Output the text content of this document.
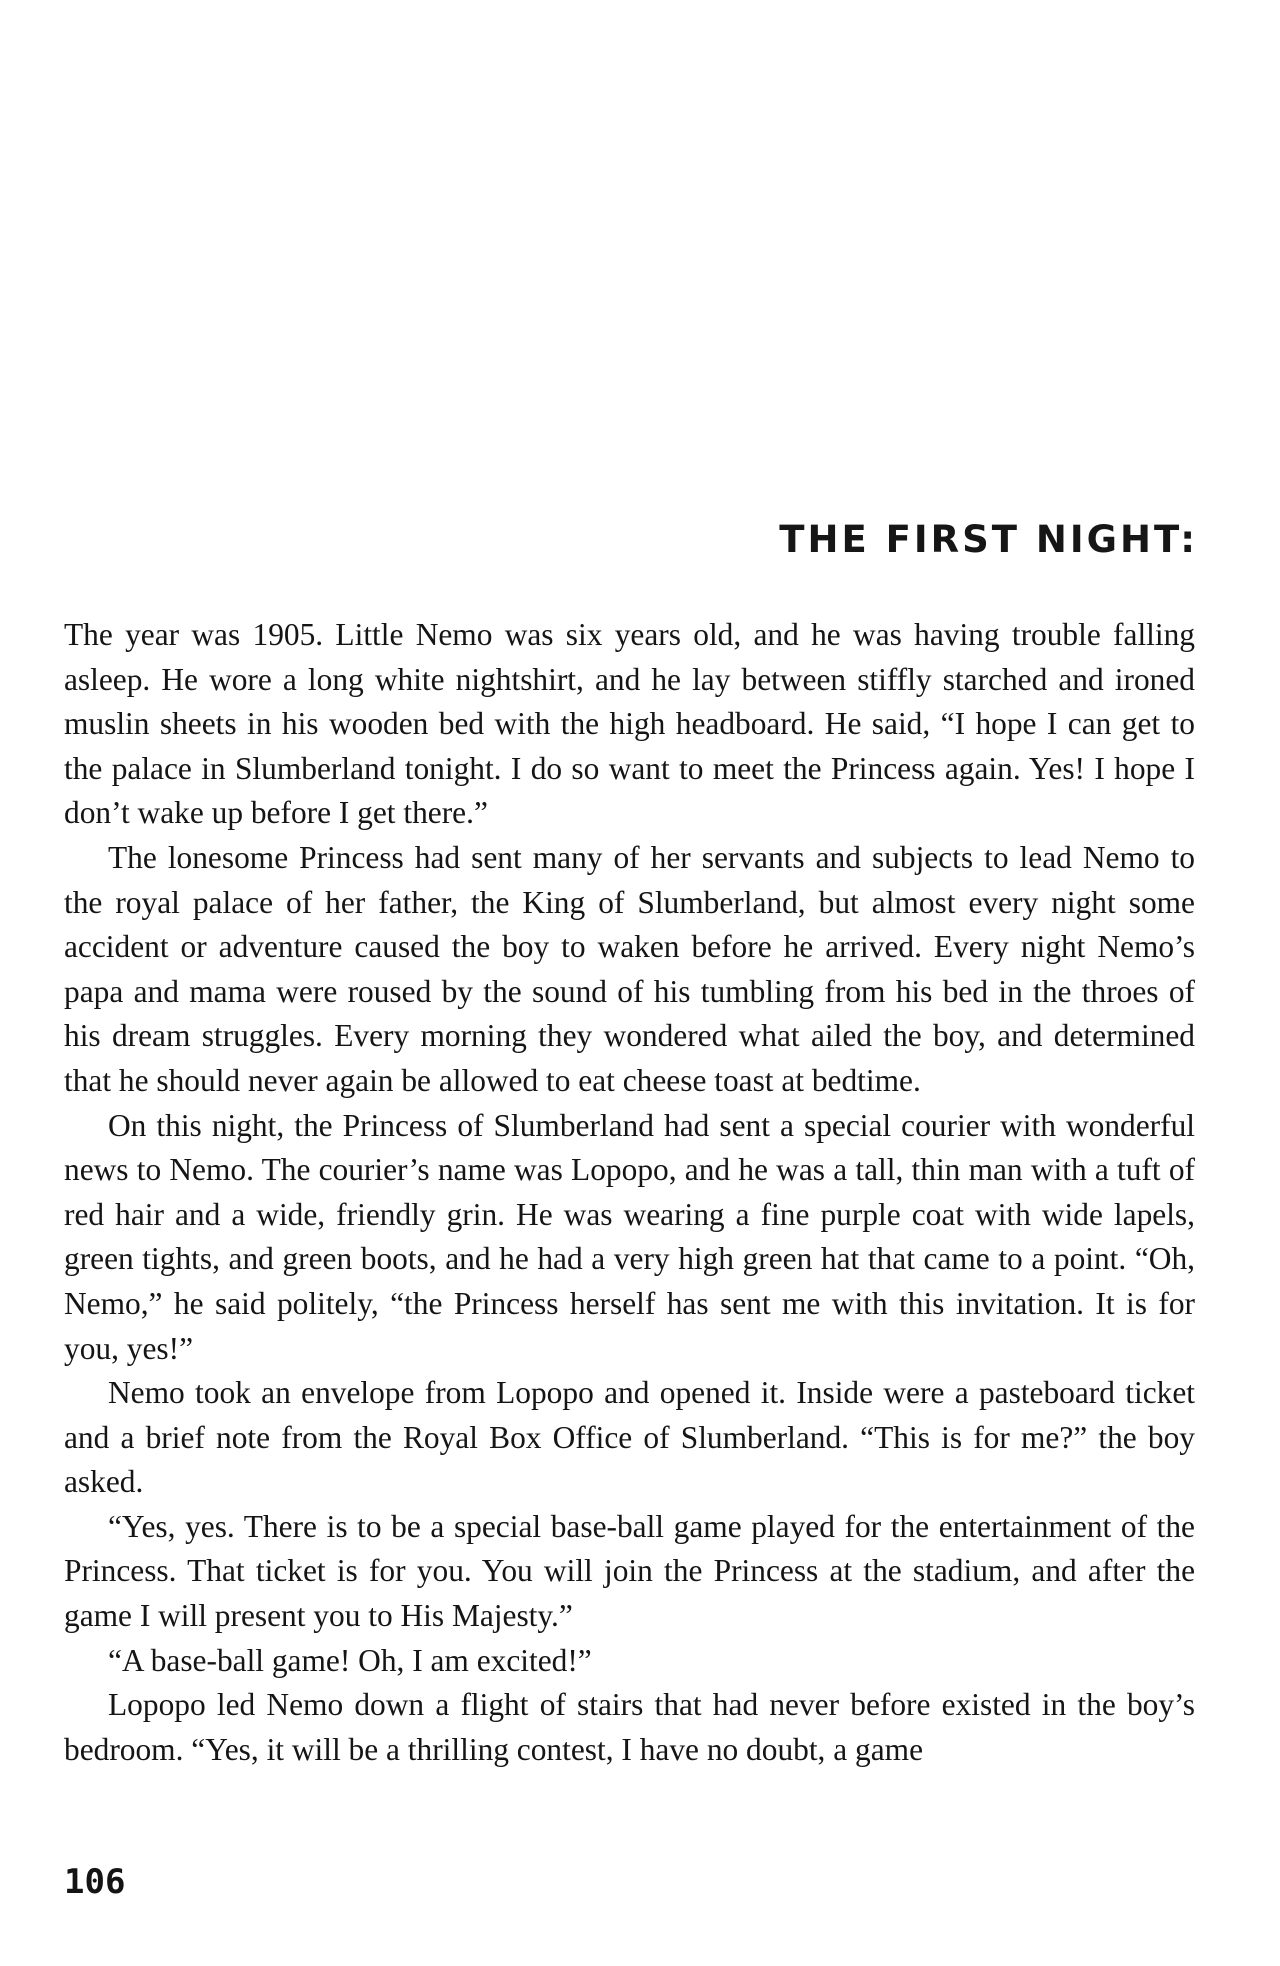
THE FIRST NIGHT:

The year was 1905. Little Nemo was six years old, and he was having trouble falling asleep. He wore a long white nightshirt, and he lay between stiffly starched and ironed muslin sheets in his wooden bed with the high headboard. He said, “I hope I can get to the palace in Slumberland tonight. I do so want to meet the Princess again. Yes! I hope I don’t wake up before I get there.”

The lonesome Princess had sent many of her servants and subjects to lead Nemo to the royal palace of her father, the King of Slumberland, but almost every night some accident or adventure caused the boy to waken before he arrived. Every night Nemo’s papa and mama were roused by the sound of his tumbling from his bed in the throes of his dream struggles. Every morning they wondered what ailed the boy, and determined that he should never again be allowed to eat cheese toast at bedtime.

On this night, the Princess of Slumberland had sent a special courier with wonderful news to Nemo. The courier’s name was Lopopo, and he was a tall, thin man with a tuft of red hair and a wide, friendly grin. He was wearing a fine purple coat with wide lapels, green tights, and green boots, and he had a very high green hat that came to a point. “Oh, Nemo,” he said politely, “the Princess herself has sent me with this invitation. It is for you, yes!”

Nemo took an envelope from Lopopo and opened it. Inside were a pasteboard ticket and a brief note from the Royal Box Office of Slumberland. “This is for me?” the boy asked.

“Yes, yes. There is to be a special base-ball game played for the entertainment of the Princess. That ticket is for you. You will join the Princess at the stadium, and after the game I will present you to His Majesty.”

“A base-ball game! Oh, I am excited!”

Lopopo led Nemo down a flight of stairs that had never before existed in the boy’s bedroom. “Yes, it will be a thrilling contest, I have no doubt, a game

106
